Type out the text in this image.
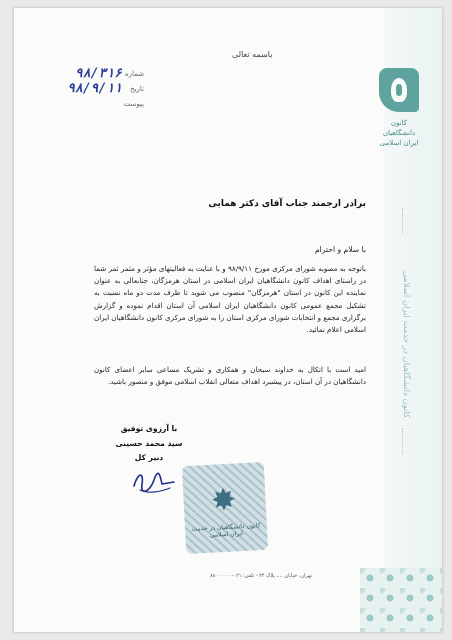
کانون
دانشگاهیان
ایران اسلامی
کانون دانشگاهیان در خدمت ایران اسلامی
باسمه تعالی
شماره
۹۸/۳۱۶
تاریخ
۹۸/۹/۱۱
پیوست
برادر ارجمند جناب آقای دکتر همایی
با سلام و احترام
باتوجه به مصوبه شورای مرکزی مورخ ۹۸/۹/۱۱ و با عنایت به فعالیتهای مؤثر و مثمر ثمر شما در راستای اهداف کانون دانشگاهیان ایران اسلامی در استان هرمزگان، جنابعالی به عنوان نماینده این کانون در استان "هرمزگان" منصوب می شوید تا ظرف مدت دو ماه نسبت به تشکیل مجمع عمومی کانون دانشگاهیان ایران اسلامی آن استان اقدام نموده و گزارش برگزاری مجمع و انتخابات شورای مرکزی استان را به شورای مرکزی کانون دانشگاهیان ایران اسلامی اعلام نمائید.
امید است با اتکال به خداوند سبحان و همکاری و تشریک مساعی سایر اعضای کانون دانشگاهیان در آن استان، در پیشبرد اهداف متعالی انقلاب اسلامی موفق و منصور باشید.
با آرزوی توفیق
سید محمد حسینی
دبیر کل
✸
کانون دانشگاهیان در خدمت ایران اسلامی
تهران، خیابان ...، پلاک ۴۴ - تلفن: ۰۲۱-۸۸۰۰۰۰۰۰
